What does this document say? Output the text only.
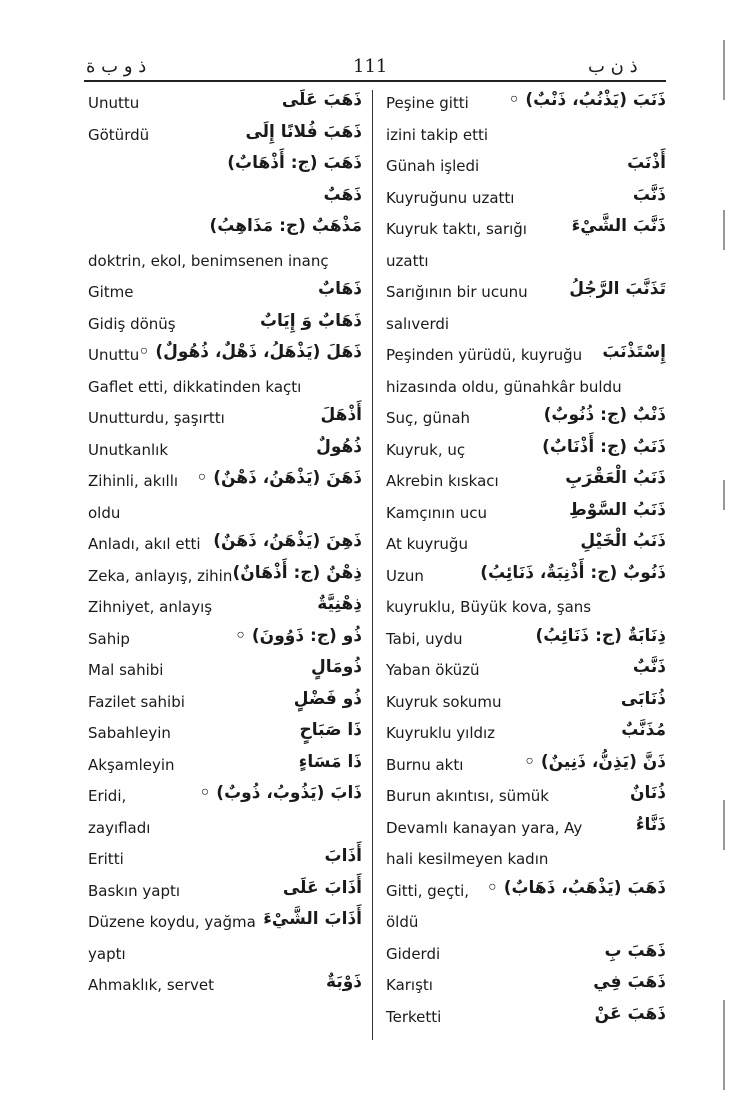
ذ و ب ة	111	ذ ن ب
Unuttu	ذَهَبَ عَلَى
Götürdü	ذَهَبَ فُلانًا إِلَى
ذَهَبَ (ج: أَذْهَابٌ)
ذَهَبٌ
مَذْهَبٌ (ج: مَذَاهِبُ)
doktrin, ekol, benimsenen inanç
Gitme	ذَهَابٌ
Gidiş dönüş	ذَهَابٌ وَ إِيَابٌ
Unuttu ذَهَلَ (يَذْهَلُ، ذَهْلٌ، ذُهُولٌ) ◦
Gaflet etti, dikkatinden kaçtı
Unutturdu, şaşırttı	أَذْهَلَ
Unutkanlık	ذُهُولٌ
Zihinli, akıllı ذَهَنَ (يَذْهَنُ، ذَهْنٌ) ◦
oldu
Anladı, akıl etti ذَهِنَ (يَذْهَنُ، ذَهَنٌ)
Zeka, anlayış, zihin ذِهْنٌ (ج: أَذْهَانٌ)
Zihniyet, anlayış	ذِهْنِيَّةٌ
Sahip	ذُو (ج: ذَوُونَ) ◦
Mal sahibi	ذُومَالٍ
Fazilet sahibi	ذُو فَضْلٍ
Sabahleyin	ذَا صَبَاحٍ
Akşamleyin	ذَا مَسَاءٍ
Eridi,	ذَابَ (يَذُوبُ، ذُوبٌ) ◦
zayıfladı
Eritti	أَذَابَ
Baskın yaptı	أَذَابَ عَلَى
Düzene koydu, yağma أَذَابَ الشَّيْءَ
yaptı
Ahmaklık, servet	ذَوْبَةٌ
Peşine gitti ذَنَبَ (يَذْنُبُ، ذَنْبٌ) ◦
izini takip etti
Günah işledi	أَذْنَبَ
Kuyruğunu uzattı	ذَنَّبَ
Kuyruk taktı, sarığı	ذَنَّبَ الشَّيْءَ
uzattı
Sarığının bir ucunu تَذَنَّبَ الرَّجُلُ
salıverdi
Peşinden yürüdü, kuyruğu إِسْتَذْنَبَ
hizasında oldu, günahkâr buldu
Suç, günah	ذَنْبٌ (ج: ذُنُوبٌ)
Kuyruk, uç	ذَنَبٌ (ج: أَذْنَابٌ)
Akrebin kıskacı	ذَنَبُ الْعَقْرَبِ
Kamçının ucu	ذَنَبُ السَّوْطِ
At kuyruğu	ذَنَبُ الْخَيْلِ
Uzun	ذَنُوبٌ (ج: أَذْنِبَةٌ، ذَنَائِبُ)
kuyruklu, Büyük kova, şans
Tabi, uydu	ذِنَابَةٌ (ج: ذَنَائِبُ)
Yaban öküzü	ذَنَّبٌ
Kuyruk sokumu	ذُنَابَى
Kuyruklu yıldız	مُذَنَّبٌ
Burnu aktı	ذَنَّ (يَذِنُّ، ذَنِينٌ) ◦
Burun akıntısı, sümük	ذُنَانٌ
Devamlı kanayan yara, Ay	ذَنَّاءُ
hali kesilmeyen kadın
Gitti, geçti, ذَهَبَ (يَذْهَبُ، ذَهَابٌ) ◦
öldü
Giderdi	ذَهَبَ بِ
Karıştı	ذَهَبَ فِي
Terketti	ذَهَبَ عَنْ
